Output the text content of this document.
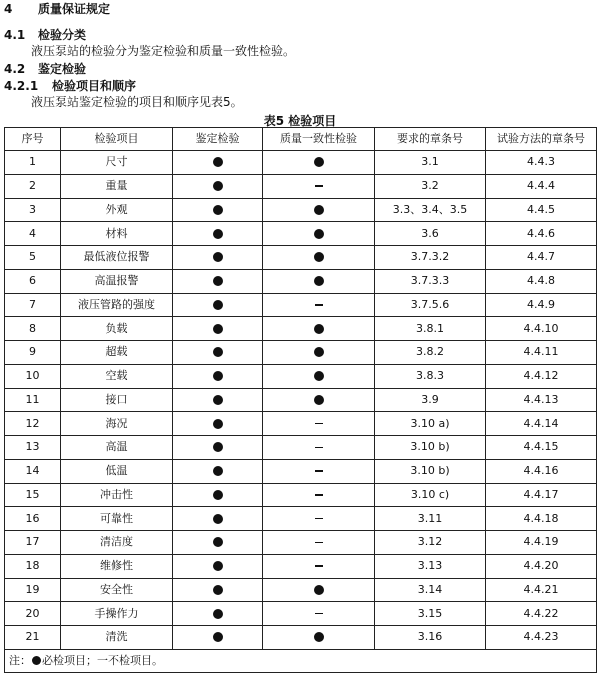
4 质量保证规定
4.1 检验分类
液压泵站的检验分为鉴定检验和质量一致性检验。
4.2 鉴定检验
4.2.1 检验项目和顺序
液压泵站鉴定检验的项目和顺序见表5。
表5 检验项目
序号	检验项目	鉴定检验	质量一致性检验	要求的章条号	试验方法的章条号
1	尺寸			3.1	4.4.3
2	重量			3.2	4.4.4
3	外观			3.3、3.4、3.5	4.4.5
4	材料			3.6	4.4.6
5	最低液位报警			3.7.3.2	4.4.7
6	高温报警			3.7.3.3	4.4.8
7	液压管路的强度			3.7.5.6	4.4.9
8	负载			3.8.1	4.4.10
9	超载			3.8.2	4.4.11
10	空载			3.8.3	4.4.12
11	接口			3.9	4.4.13
12	海况			3.10 a)	4.4.14
13	高温			3.10 b)	4.4.15
14	低温			3.10 b)	4.4.16
15	冲击性			3.10 c)	4.4.17
16	可靠性			3.11	4.4.18
17	清洁度			3.12	4.4.19
18	维修性			3.13	4.4.20
19	安全性			3.14	4.4.21
20	手操作力			3.15	4.4.22
21	清洗			3.16	4.4.23
注： 必检项目；一不检项目。					
